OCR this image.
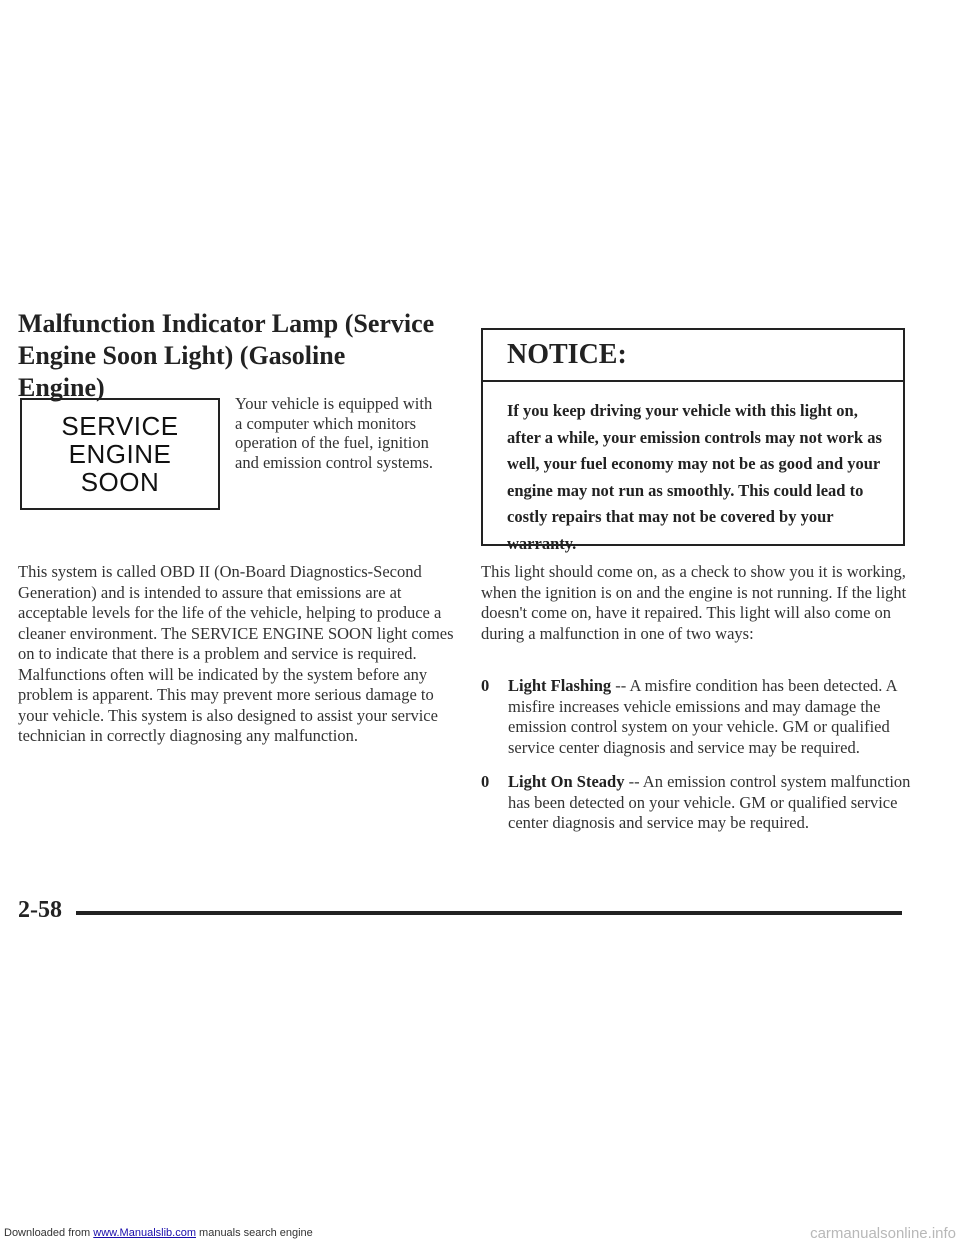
Malfunction Indicator Lamp (Service
Engine Soon Light) (Gasoline Engine)
SERVICE
ENGINE
SOON
Your vehicle is equipped with a computer which monitors operation of the fuel, ignition and emission control systems.

This system is called OBD II (On-Board Diagnostics-Second Generation) and is intended to assure that emissions are at acceptable levels for the life of the vehicle, helping to produce a cleaner environment. The SERVICE ENGINE SOON light comes on to indicate that there is a problem and service is required. Malfunctions often will be indicated by the system before any problem is apparent. This may prevent more serious damage to your vehicle. This system is also designed to assist your service technician in correctly diagnosing any malfunction.

NOTICE:

If you keep driving your vehicle with this light on, after a while, your emission controls may not work as well, your fuel economy may not be as good and your engine may not run as smoothly. This could lead to costly repairs that may not be covered by your warranty.

This light should come on, as a check to show you it is working, when the ignition is on and the engine is not running. If the light doesn't come on, have it repaired. This light will also come on during a malfunction in one of two ways:

0 Light Flashing -- A misfire condition has been detected. A misfire increases vehicle emissions and may damage the emission control system on your vehicle. GM or qualified service center diagnosis and service may be required.
0 Light On Steady -- An emission control system malfunction has been detected on your vehicle. GM or qualified service center diagnosis and service may be required.
2-58
Downloaded from www.Manualslib.com manuals search engine	carmanualsonline.info
